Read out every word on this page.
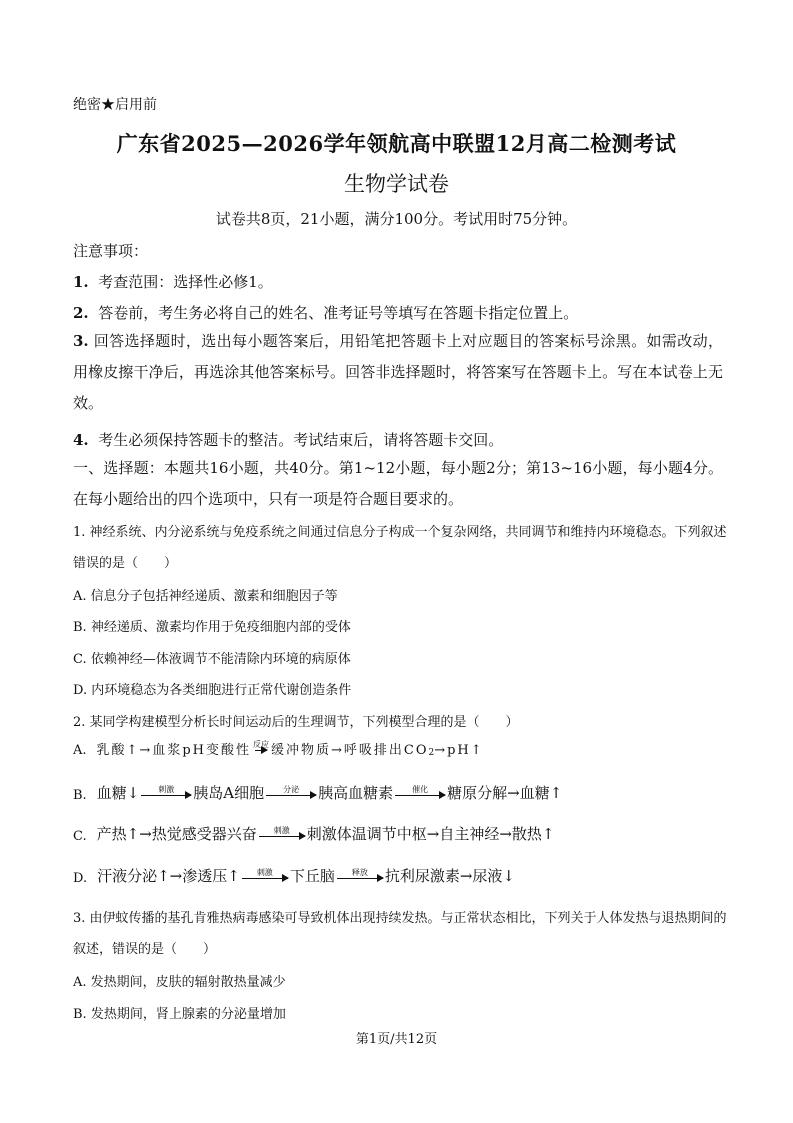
绝密★启用前
广东省2025—2026学年领航高中联盟12月高二检测考试
生物学试卷
试卷共8页，21小题，满分100分。考试用时75分钟。
注意事项：
1. 考查范围：选择性必修1。
2. 答卷前，考生务必将自己的姓名、准考证号等填写在答题卡指定位置上。
3. 回答选择题时，选出每小题答案后，用铅笔把答题卡上对应题目的答案标号涂黑。如需改动，用橡皮擦干净后，再选涂其他答案标号。回答非选择题时，将答案写在答题卡上。写在本试卷上无效。
4. 考生必须保持答题卡的整洁。考试结束后，请将答题卡交回。
一、选择题：本题共16小题，共40分。第1~12小题，每小题2分；第13~16小题，每小题4分。在每小题给出的四个选项中，只有一项是符合题目要求的。
1. 神经系统、内分泌系统与免疫系统之间通过信息分子构成一个复杂网络，共同调节和维持内环境稳态。下列叙述错误的是（　　）
A. 信息分子包括神经递质、激素和细胞因子等
B. 神经递质、激素均作用于免疫细胞内部的受体
C. 依赖神经—体液调节不能清除内环境的病原体
D. 内环境稳态为各类细胞进行正常代谢创造条件
2. 某同学构建模型分析长时间运动后的生理调节，下列模型合理的是（　　）
A. 乳酸↑→血浆pH变酸性 反应 缓冲物质→呼吸排出$CO_2$ →pH↑
B. 血糖↓ 刺激 胰岛A细胞 分泌 胰高血糖素 催化 糖原分解→血糖↑
C. 产热↑→热觉感受器兴奋 刺激 刺激体温调节中枢→自主神经→散热↑
D. 汗液分泌↑→渗透压↑ 刺激 下丘脑 释放 抗利尿激素→尿液↓
3. 由伊蚊传播的基孔肯雅热病毒感染可导致机体出现持续发热。与正常状态相比，下列关于人体发热与退热期间的叙述，错误的是（　　）
A. 发热期间，皮肤的辐射散热量减少
B. 发热期间，肾上腺素的分泌量增加
第1页/共12页
